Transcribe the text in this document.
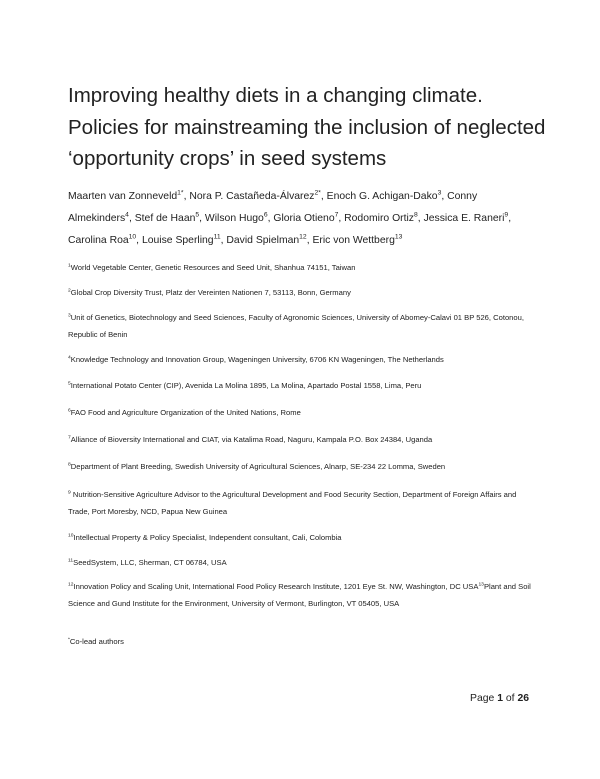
Improving healthy diets in a changing climate.
Policies for mainstreaming the inclusion of neglected
‘opportunity crops’ in seed systems
Maarten van Zonneveld$^{1*}$, Nora P. Castañeda-Álvarez$^{2*}$, Enoch G. Achigan-Dako$^3$, Conny Almekinders$^4$, Stef de Haan$^5$, Wilson Hugo$^6$, Gloria Otieno$^7$, Rodomiro Ortiz$^8$, Jessica E. Raneri$^9$, Carolina Roa$^{10}$, Louise Sperling$^{11}$, David Spielman$^{12}$, Eric von Wettberg$^{13}$
$^1$World Vegetable Center, Genetic Resources and Seed Unit, Shanhua 74151, Taiwan
$^2$Global Crop Diversity Trust, Platz der Vereinten Nationen 7, 53113, Bonn, Germany
$^3$Unit of Genetics, Biotechnology and Seed Sciences, Faculty of Agronomic Sciences, University of Abomey-Calavi 01 BP 526, Cotonou, Republic of Benin
$^4$Knowledge Technology and Innovation Group, Wageningen University, 6706 KN Wageningen, The Netherlands
$^5$International Potato Center (CIP), Avenida La Molina 1895, La Molina, Apartado Postal 1558, Lima, Peru
$^6$FAO Food and Agriculture Organization of the United Nations, Rome
$^7$Alliance of Bioversity International and CIAT, via Katalima Road, Naguru, Kampala P.O. Box 24384, Uganda
$^8$Department of Plant Breeding, Swedish University of Agricultural Sciences, Alnarp, SE-234 22 Lomma, Sweden
$^9$ Nutrition-Sensitive Agriculture Advisor to the Agricultural Development and Food Security Section, Department of Foreign Affairs and Trade, Port Moresby, NCD, Papua New Guinea
$^{10}$Intellectual Property & Policy Specialist, Independent consultant, Cali, Colombia
$^{11}$SeedSystem, LLC, Sherman, CT 06784, USA
$^{12}$Innovation Policy and Scaling Unit, International Food Policy Research Institute, 1201 Eye St. NW, Washington, DC USA$^{13}$Plant and Soil Science and Gund Institute for the Environment, University of Vermont, Burlington, VT 05405, USA
*Co-lead authors
Page 1 of 26
